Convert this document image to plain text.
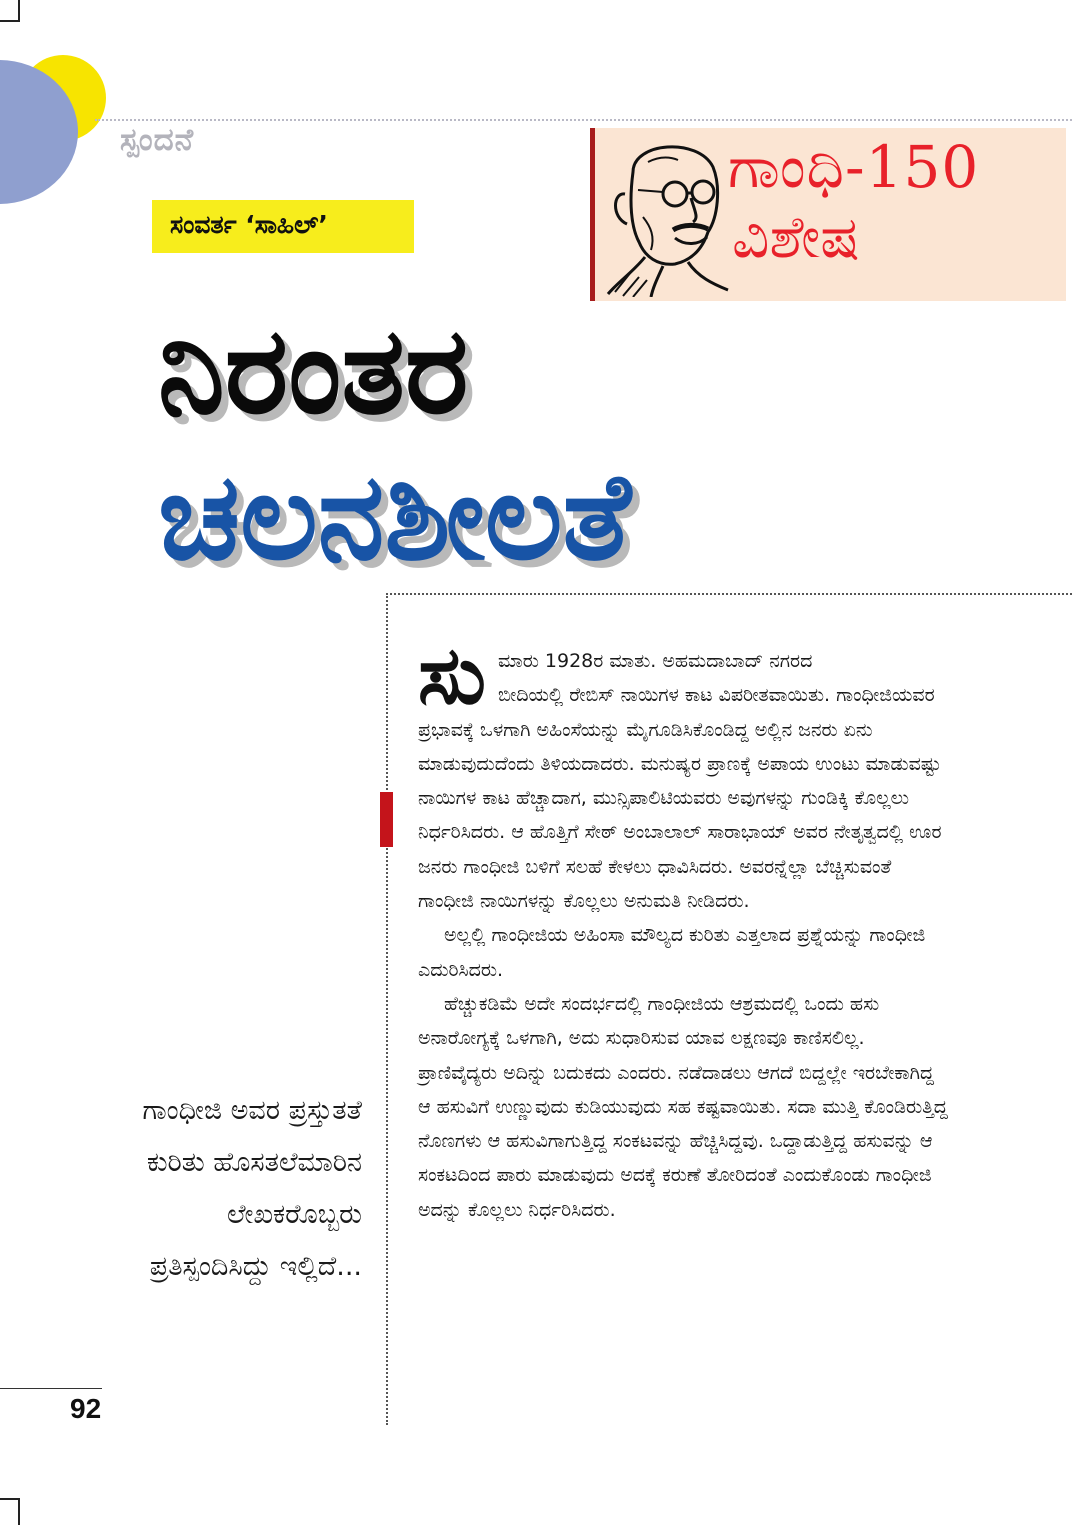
ಸ್ಪಂದನೆ
ಸಂವರ್ತ ‘ಸಾಹಿಲ್’
ಗಾಂಧಿ-150
ವಿಶೇಷ
ನಿರಂತರ
ಚಲನಶೀಲತೆ
ಸು ಮಾರು 1928ರ ಮಾತು. ಅಹಮದಾಬಾದ್ ನಗರದ
ಬೀದಿಯಲ್ಲಿ ರೇಬಿಸ್ ನಾಯಿಗಳ ಕಾಟ ವಿಪರೀತವಾಯಿತು. ಗಾಂಧೀಜಿಯವರ ಪ್ರಭಾವಕ್ಕೆ ಒಳಗಾಗಿ ಅಹಿಂಸೆಯನ್ನು ಮೈಗೂಡಿಸಿಕೊಂಡಿದ್ದ ಅಲ್ಲಿನ ಜನರು ಏನು ಮಾಡುವುದುದೆಂದು ತಿಳಿಯದಾದರು. ಮನುಷ್ಯರ ಪ್ರಾಣಕ್ಕೆ ಅಪಾಯ ಉಂಟು ಮಾಡುವಷ್ಟು ನಾಯಿಗಳ ಕಾಟ ಹೆಚ್ಚಾದಾಗ, ಮುನ್ಸಿಪಾಲಿಟಿಯವರು ಅವುಗಳನ್ನು ಗುಂಡಿಕ್ಕಿ ಕೊಲ್ಲಲು ನಿರ್ಧರಿಸಿದರು. ಆ ಹೊತ್ತಿಗೆ ಸೇಠ್ ಅಂಬಾಲಾಲ್ ಸಾರಾಭಾಯ್ ಅವರ ನೇತೃತ್ವದಲ್ಲಿ ಊರ ಜನರು ಗಾಂಧೀಜಿ ಬಳಿಗೆ ಸಲಹೆ ಕೇಳಲು ಧಾವಿಸಿದರು. ಅವರನ್ನೆಲ್ಲಾ ಬೆಚ್ಚಿಸುವಂತೆ ಗಾಂಧೀಜಿ ನಾಯಿಗಳನ್ನು ಕೊಲ್ಲಲು ಅನುಮತಿ ನೀಡಿದರು.

ಅಲ್ಲಲ್ಲಿ ಗಾಂಧೀಜಿಯ ಅಹಿಂಸಾ ಮೌಲ್ಯದ ಕುರಿತು ಎತ್ತಲಾದ ಪ್ರಶ್ನೆಯನ್ನು ಗಾಂಧೀಜಿ ಎದುರಿಸಿದರು.

ಹೆಚ್ಚುಕಡಿಮೆ ಅದೇ ಸಂದರ್ಭದಲ್ಲಿ ಗಾಂಧೀಜಿಯ ಆಶ್ರಮದಲ್ಲಿ ಒಂದು ಹಸು ಅನಾರೋಗ್ಯಕ್ಕೆ ಒಳಗಾಗಿ, ಅದು ಸುಧಾರಿಸುವ ಯಾವ ಲಕ್ಷಣವೂ ಕಾಣಿಸಲಿಲ್ಲ. ಪ್ರಾಣಿವೈದ್ಯರು ಅದಿನ್ನು ಬದುಕದು ಎಂದರು. ನಡೆದಾಡಲು ಆಗದೆ ಬಿದ್ದಲ್ಲೇ ಇರಬೇಕಾಗಿದ್ದ ಆ ಹಸುವಿಗೆ ಉಣ್ಣುವುದು ಕುಡಿಯುವುದು ಸಹ ಕಷ್ಟವಾಯಿತು. ಸದಾ ಮುತ್ತಿ ಕೊಂಡಿರುತ್ತಿದ್ದ ನೊಣಗಳು ಆ ಹಸುವಿಗಾಗುತ್ತಿದ್ದ ಸಂಕಟವನ್ನು ಹೆಚ್ಚಿಸಿದ್ದವು. ಒದ್ದಾಡುತ್ತಿದ್ದ ಹಸುವನ್ನು ಆ ಸಂಕಟದಿಂದ ಪಾರು ಮಾಡುವುದು ಅದಕ್ಕೆ ಕರುಣೆ ತೋರಿದಂತೆ ಎಂದುಕೊಂಡು ಗಾಂಧೀಜಿ ಅದನ್ನು ಕೊಲ್ಲಲು ನಿರ್ಧರಿಸಿದರು.

ಗಾಂಧೀಜಿ ಅವರ ಪ್ರಸ್ತುತತೆ ಕುರಿತು ಹೊಸತಲೆಮಾರಿನ ಲೇಖಕರೊಬ್ಬರು ಪ್ರತಿಸ್ಪಂದಿಸಿದ್ದು ಇಲ್ಲಿದೆ...
92
